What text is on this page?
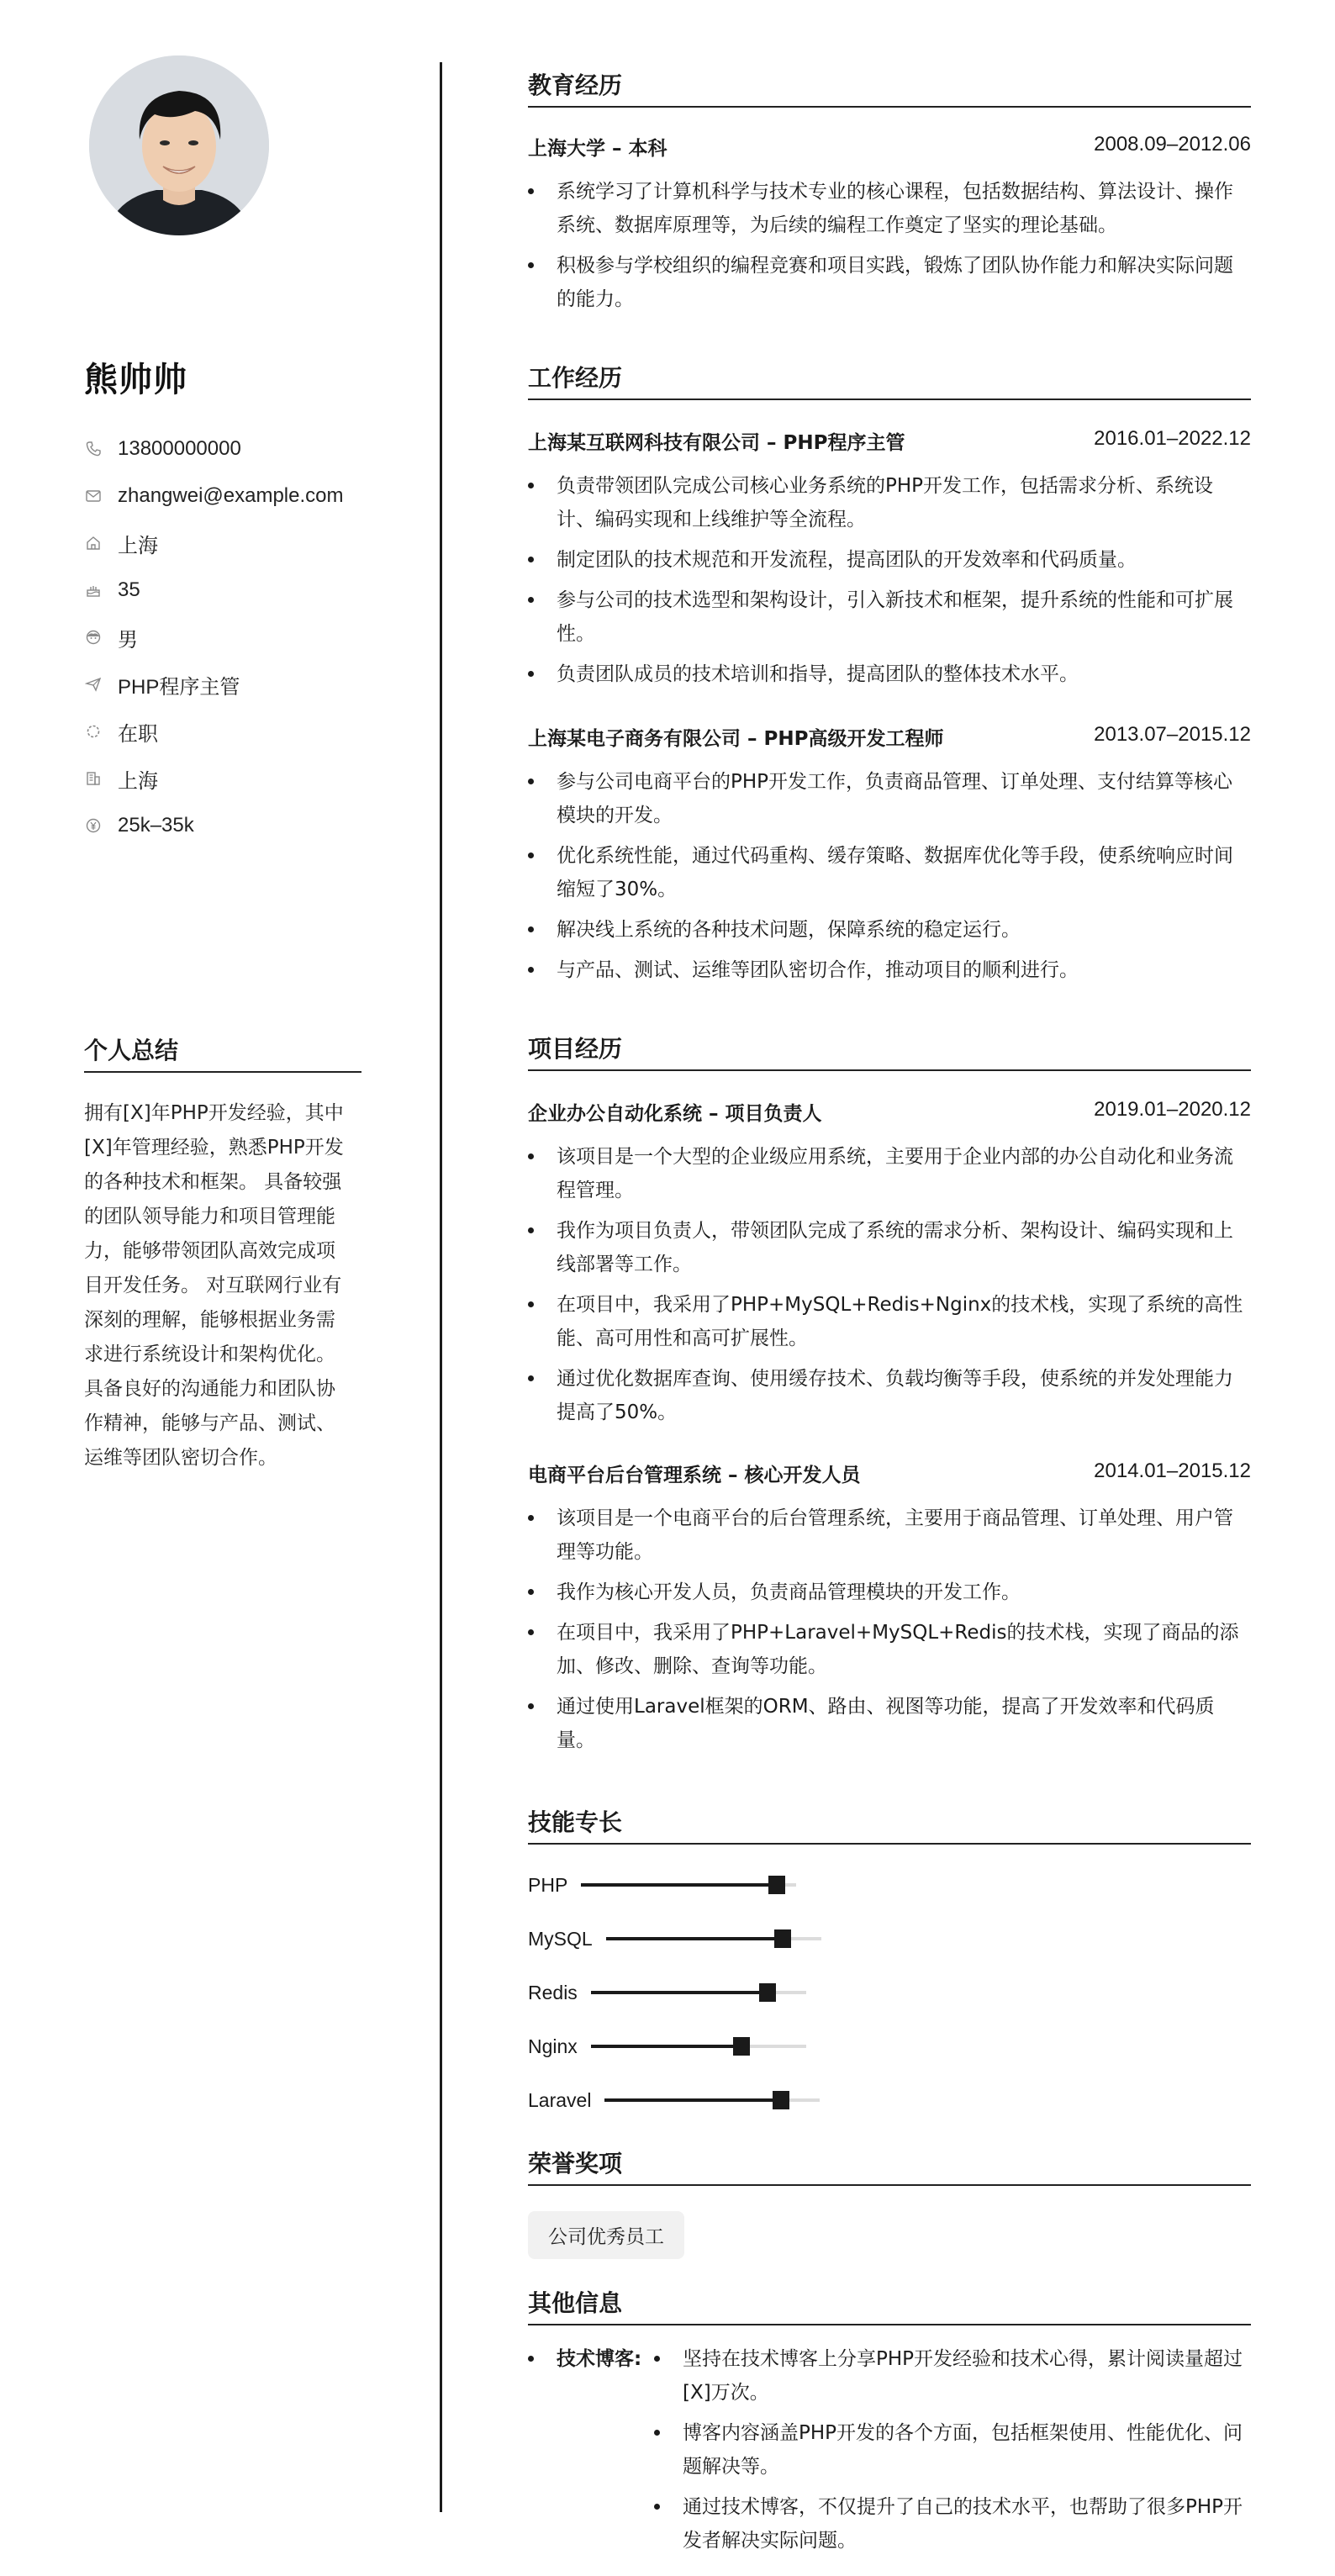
熊帅帅
13800000000
zhangwei@example.com
上海
35
男
PHP程序主管
在职
上海
25k–35k
个人总结
拥有[X]年PHP开发经验，其中
[X]年管理经验，熟悉PHP开发
的各种技术和框架。 具备较强
的团队领导能力和项目管理能
力，能够带领团队高效完成项
目开发任务。 对互联网行业有
深刻的理解，能够根据业务需
求进行系统设计和架构优化。
具备良好的沟通能力和团队协
作精神，能够与产品、测试、
运维等团队密切合作。
教育经历
上海大学 – 本科	2008.09–2012.06
系统学习了计算机科学与技术专业的核心课程，包括数据结构、算法设计、操作系统、数据库原理等，为后续的编程工作奠定了坚实的理论基础。
积极参与学校组织的编程竞赛和项目实践，锻炼了团队协作能力和解决实际问题的能力。
工作经历
上海某互联网科技有限公司 – PHP程序主管	2016.01–2022.12
负责带领团队完成公司核心业务系统的PHP开发工作，包括需求分析、系统设计、编码实现和上线维护等全流程。
制定团队的技术规范和开发流程，提高团队的开发效率和代码质量。
参与公司的技术选型和架构设计，引入新技术和框架，提升系统的性能和可扩展性。
负责团队成员的技术培训和指导，提高团队的整体技术水平。
上海某电子商务有限公司 – PHP高级开发工程师	2013.07–2015.12
参与公司电商平台的PHP开发工作，负责商品管理、订单处理、支付结算等核心模块的开发。
优化系统性能，通过代码重构、缓存策略、数据库优化等手段，使系统响应时间缩短了30%。
解决线上系统的各种技术问题，保障系统的稳定运行。
与产品、测试、运维等团队密切合作，推动项目的顺利进行。
项目经历
企业办公自动化系统 – 项目负责人	2019.01–2020.12
该项目是一个大型的企业级应用系统，主要用于企业内部的办公自动化和业务流程管理。
我作为项目负责人，带领团队完成了系统的需求分析、架构设计、编码实现和上线部署等工作。
在项目中，我采用了PHP+MySQL+Redis+Nginx的技术栈，实现了系统的高性能、高可用性和高可扩展性。
通过优化数据库查询、使用缓存技术、负载均衡等手段，使系统的并发处理能力提高了50%。
电商平台后台管理系统 – 核心开发人员	2014.01–2015.12
该项目是一个电商平台的后台管理系统，主要用于商品管理、订单处理、用户管理等功能。
我作为核心开发人员，负责商品管理模块的开发工作。
在项目中，我采用了PHP+Laravel+MySQL+Redis的技术栈，实现了商品的添加、修改、删除、查询等功能。
通过使用Laravel框架的ORM、路由、视图等功能，提高了开发效率和代码质量。
技能专长
PHP
MySQL
Redis
Nginx
Laravel
荣誉奖项
公司优秀员工
其他信息
技术博客:	坚持在技术博客上分享PHP开发经验和技术心得，累计阅读量超过[X]万次。
博客内容涵盖PHP开发的各个方面，包括框架使用、性能优化、问题解决等。
通过技术博客，不仅提升了自己的技术水平，也帮助了很多PHP开发者解决实际问题。
